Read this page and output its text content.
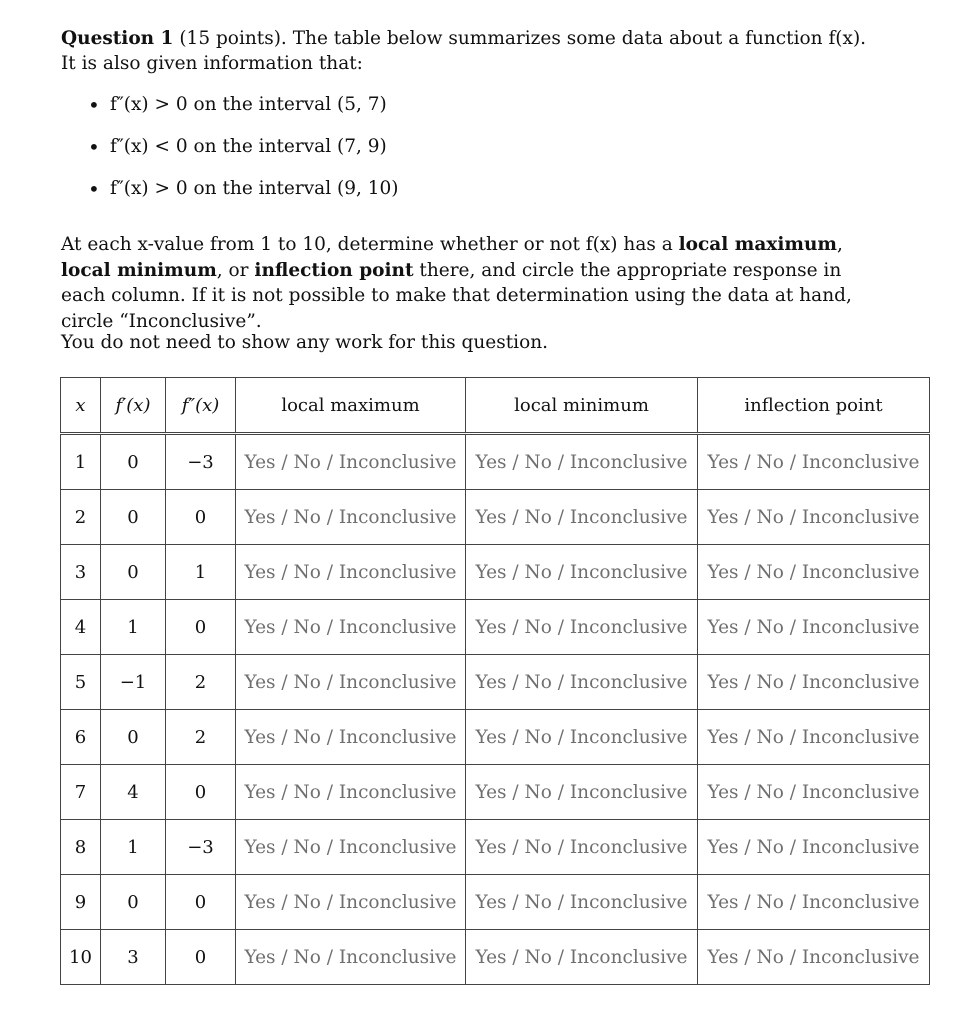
Question 1 (15 points). The table below summarizes some data about a function f(x). It is also given information that:
• f″(x) > 0 on the interval (5, 7)
• f″(x) < 0 on the interval (7, 9)
• f″(x) > 0 on the interval (9, 10)
At each x-value from 1 to 10, determine whether or not f(x) has a local maximum, local minimum, or inflection point there, and circle the appropriate response in each column. If it is not possible to make that determination using the data at hand, circle “Inconclusive”.
You do not need to show any work for this question.
x	f′(x)	f″(x)	local maximum	local minimum	inflection point
1	0	−3	Yes / No / Inconclusive	Yes / No / Inconclusive	Yes / No / Inconclusive
2	0	0	Yes / No / Inconclusive	Yes / No / Inconclusive	Yes / No / Inconclusive
3	0	1	Yes / No / Inconclusive	Yes / No / Inconclusive	Yes / No / Inconclusive
4	1	0	Yes / No / Inconclusive	Yes / No / Inconclusive	Yes / No / Inconclusive
5	−1	2	Yes / No / Inconclusive	Yes / No / Inconclusive	Yes / No / Inconclusive
6	0	2	Yes / No / Inconclusive	Yes / No / Inconclusive	Yes / No / Inconclusive
7	4	0	Yes / No / Inconclusive	Yes / No / Inconclusive	Yes / No / Inconclusive
8	1	−3	Yes / No / Inconclusive	Yes / No / Inconclusive	Yes / No / Inconclusive
9	0	0	Yes / No / Inconclusive	Yes / No / Inconclusive	Yes / No / Inconclusive
10	3	0	Yes / No / Inconclusive	Yes / No / Inconclusive	Yes / No / Inconclusive
